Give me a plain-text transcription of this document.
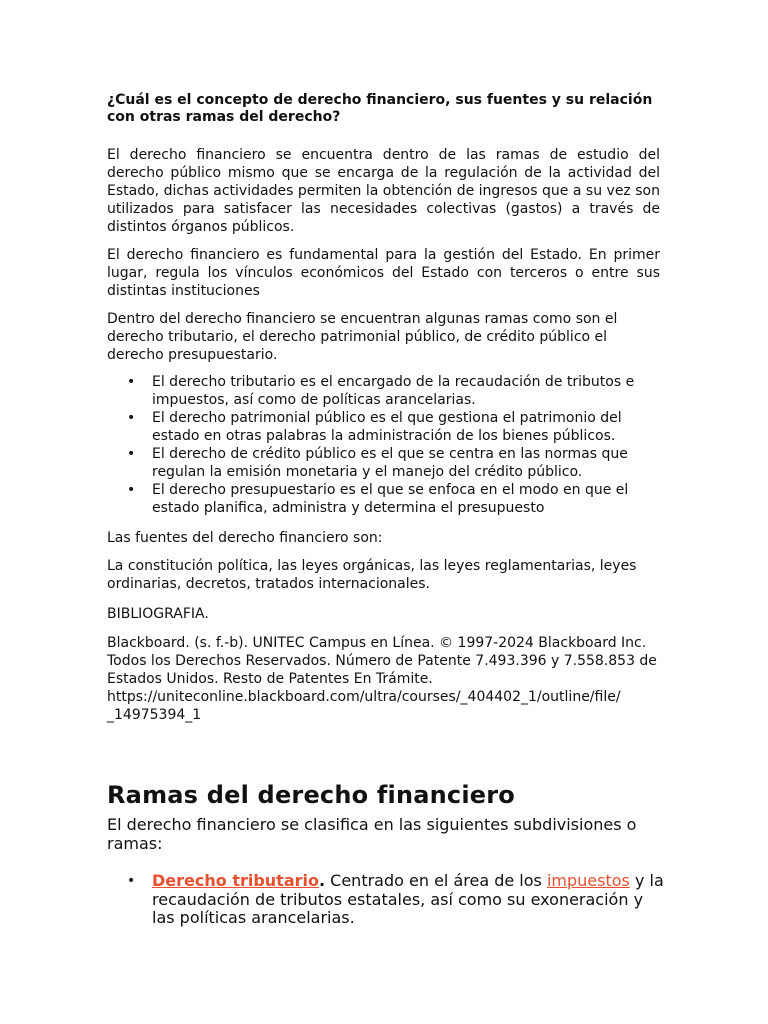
¿Cuál es el concepto de derecho financiero, sus fuentes y su relación con otras ramas del derecho?

El derecho financiero se encuentra dentro de las ramas de estudio del derecho público mismo que se encarga de la regulación de la actividad del Estado, dichas actividades permiten la obtención de ingresos que a su vez son utilizados para satisfacer las necesidades colectivas (gastos) a través de distintos órganos públicos.

El derecho financiero es fundamental para la gestión del Estado. En primer lugar, regula los vínculos económicos del Estado con terceros o entre sus distintas instituciones

Dentro del derecho financiero se encuentran algunas ramas como son el derecho tributario, el derecho patrimonial público, de crédito público el derecho presupuestario.

• El derecho tributario es el encargado de la recaudación de tributos e impuestos, así como de políticas arancelarias.
• El derecho patrimonial público es el que gestiona el patrimonio del estado en otras palabras la administración de los bienes públicos.
• El derecho de crédito público es el que se centra en las normas que regulan la emisión monetaria y el manejo del crédito público.
• El derecho presupuestario es el que se enfoca en el modo en que el estado planifica, administra y determina el presupuesto

Las fuentes del derecho financiero son:

La constitución política, las leyes orgánicas, las leyes reglamentarias, leyes ordinarias, decretos, tratados internacionales.

BIBLIOGRAFIA.

Blackboard. (s. f.-b). UNITEC Campus en Línea. © 1997-2024 Blackboard Inc. Todos los Derechos Reservados. Número de Patente 7.493.396 y 7.558.853 de Estados Unidos. Resto de Patentes En Trámite.
https://uniteconline.blackboard.com/ultra/courses/_404402_1/outline/file/
_14975394_1

Ramas del derecho financiero

El derecho financiero se clasifica en las siguientes subdivisiones o ramas:

• Derecho tributario. Centrado en el área de los impuestos y la recaudación de tributos estatales, así como su exoneración y las políticas arancelarias.
